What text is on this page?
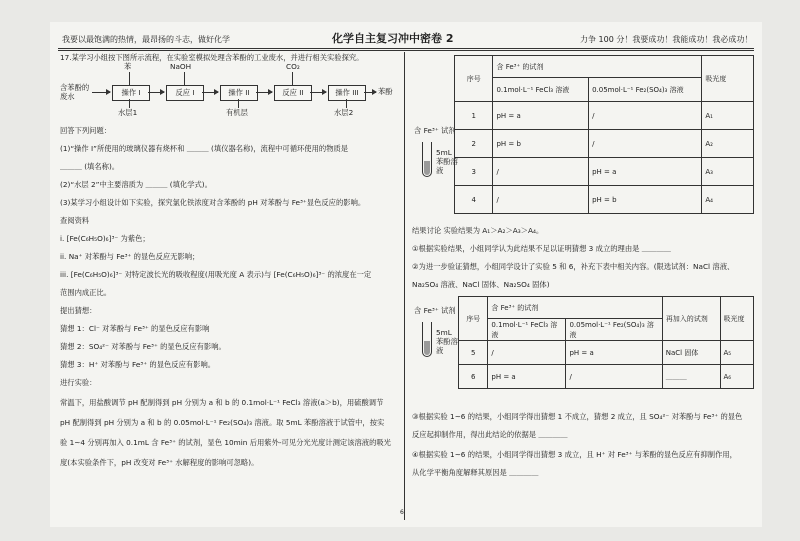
我要以最饱满的热情，最昂扬的斗志，做好化学	化学自主复习冲中密卷 2	力争 100 分！我要成功！我能成功！我必成功！
17.某学习小组按下图所示流程，在实验室模拟处理含苯酚的工业废水，并进行相关实验探究。
含苯酚的废水	操作 I	反应 I	操作 II	反应 II	操作 III	苯酚
苯	NaOH	CO₂
水层1	有机层	水层2
回答下列问题：
(1)“操作 I”所使用的玻璃仪器有烧杯和 ＿＿＿ (填仪器名称)，流程中可循环使用的物质是
＿＿＿ (填名称)。
(2)“水层 2”中主要溶质为 ＿＿＿ (填化学式)。
(3)某学习小组设计如下实验，探究氯化铁浓度对含苯酚的 pH 对苯酚与 Fe³⁺显色反应的影响。
查阅资料
i. [Fe(C₆H₅O)₆]³⁻ 为紫色；
ii. Na⁺ 对苯酚与 Fe³⁺ 的显色反应无影响；
iii. [Fe(C₆H₅O)₆]³⁻ 对特定波长光的吸收程度(用吸光度 A 表示)与 [Fe(C₆H₅O)₆]³⁻ 的浓度在一定
范围内成正比。
提出猜想：
猜想 1：Cl⁻ 对苯酚与 Fe³⁺ 的显色反应有影响
猜想 2：SO₄²⁻ 对苯酚与 Fe³⁺ 的显色反应有影响。
猜想 3：H⁺ 对苯酚与 Fe³⁺ 的显色反应有影响。
进行实验：
常温下，用盐酸调节 pH 配制得到 pH 分别为 a 和 b 的 0.1mol·L⁻¹ FeCl₃ 溶液(a＞b)，用硫酸调节
pH 配制得到 pH 分别为 a 和 b 的 0.05mol·L⁻¹ Fe₂(SO₄)₃ 溶液。取 5mL 苯酚溶液于试管中，按实
验 1~4 分别再加入 0.1mL 含 Fe³⁺ 的试剂，显色 10min 后用紫外-可见分光光度计测定该溶液的吸光
度(本实验条件下，pH 改变对 Fe³⁺ 水解程度的影响可忽略)。
含 Fe³⁺ 试剂
5mL 苯酚溶液
序号	含 Fe³⁺ 的试剂		吸光度
	0.1mol·L⁻¹ FeCl₃ 溶液	0.05mol·L⁻¹ Fe₂(SO₄)₃ 溶液	
1	pH = a	/	A₁
2	pH = b	/	A₂
3	/	pH = a	A₃
4	/	pH = b	A₄
结果讨论 实验结果为 A₁＞A₂＞A₃＞A₄。
①根据实验结果，小组同学认为此结果不足以证明猜想 3 成立的理由是 ＿＿＿＿
②为进一步验证猜想，小组同学设计了实验 5 和 6，补充下表中相关内容。(限选试剂：NaCl 溶液、
Na₂SO₄ 溶液、NaCl 固体、Na₂SO₄ 固体)
含 Fe³⁺ 试剂
5mL 苯酚溶液
序号	含 Fe³⁺ 的试剂		再加入的试剂	吸光度
	0.1mol·L⁻¹ FeCl₃ 溶液	0.05mol·L⁻¹ Fe₂(SO₄)₃ 溶液		
5	/	pH = a	NaCl 固体	A₅
6	pH = a	/	＿＿＿	A₆
③根据实验 1~6 的结果，小组同学得出猜想 1 不成立，猜想 2 成立，且 SO₄²⁻ 对苯酚与 Fe³⁺ 的显色
反应起抑制作用，得出此结论的依据是 ＿＿＿＿
④根据实验 1~6 的结果，小组同学得出猜想 3 成立，且 H⁺ 对 Fe³⁺ 与苯酚的显色反应有抑制作用，
从化学平衡角度解释其原因是 ＿＿＿＿
6
